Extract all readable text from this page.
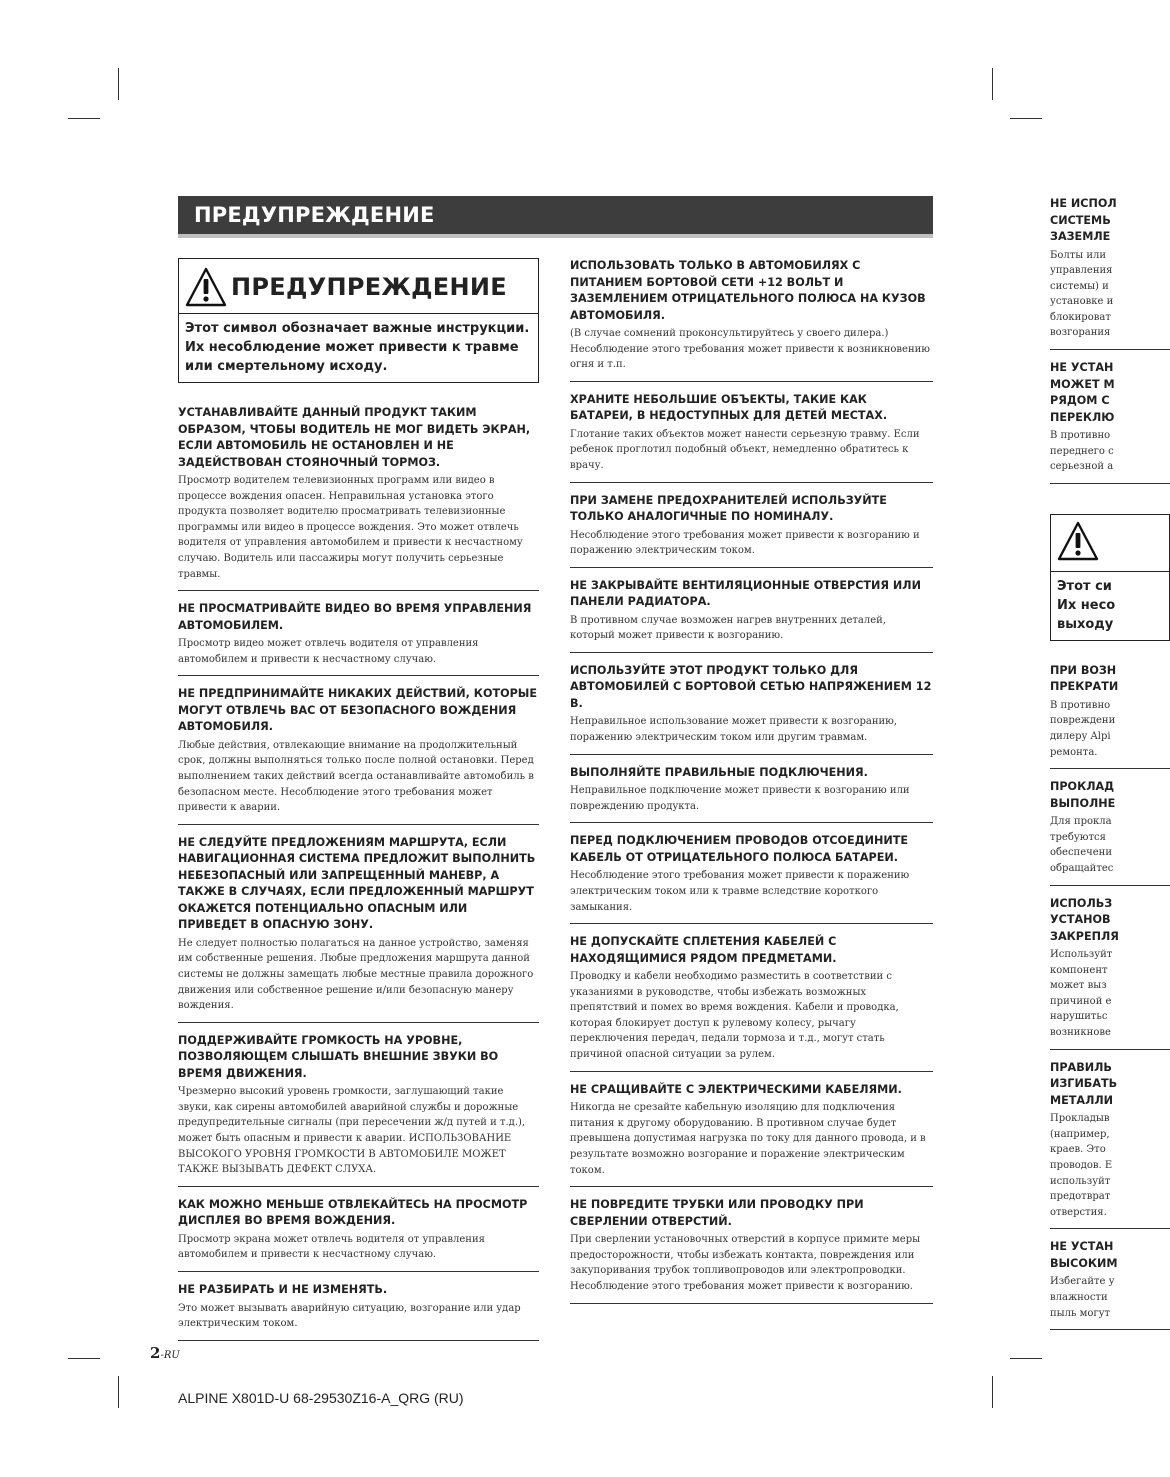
ПРЕДУПРЕЖДЕНИЕ
ПРЕДУПРЕЖДЕНИЕ
Этот символ обозначает важные инструкции. Их несоблюдение может привести к травме или смертельному исходу.
УСТАНАВЛИВАЙТЕ ДАННЫЙ ПРОДУКТ ТАКИМ ОБРАЗОМ, ЧТОБЫ ВОДИТЕЛЬ НЕ МОГ ВИДЕТЬ ЭКРАН, ЕСЛИ АВТОМОБИЛЬ НЕ ОСТАНОВЛЕН И НЕ ЗАДЕЙСТВОВАН СТОЯНОЧНЫЙ ТОРМОЗ.

Просмотр водителем телевизионных программ или видео в процессе вождения опасен. Неправильная установка этого продукта позволяет водителю просматривать телевизионные программы или видео в процессе вождения. Это может отвлечь водителя от управления автомобилем и привести к несчастному случаю. Водитель или пассажиры могут получить серьезные травмы.

НЕ ПРОСМАТРИВАЙТЕ ВИДЕО ВО ВРЕМЯ УПРАВЛЕНИЯ АВТОМОБИЛЕМ.

Просмотр видео может отвлечь водителя от управления автомобилем и привести к несчастному случаю.

НЕ ПРЕДПРИНИМАЙТЕ НИКАКИХ ДЕЙСТВИЙ, КОТОРЫЕ МОГУТ ОТВЛЕЧЬ ВАС ОТ БЕЗОПАСНОГО ВОЖДЕНИЯ АВТОМОБИЛЯ.

Любые действия, отвлекающие внимание на продолжительный срок, должны выполняться только после полной остановки. Перед выполнением таких действий всегда останавливайте автомобиль в безопасном месте. Несоблюдение этого требования может привести к аварии.

НЕ СЛЕДУЙТЕ ПРЕДЛОЖЕНИЯМ МАРШРУТА, ЕСЛИ НАВИГАЦИОННАЯ СИСТЕМА ПРЕДЛОЖИТ ВЫПОЛНИТЬ НЕБЕЗОПАСНЫЙ ИЛИ ЗАПРЕЩЕННЫЙ МАНЕВР, А ТАКЖЕ В СЛУЧАЯХ, ЕСЛИ ПРЕДЛОЖЕННЫЙ МАРШРУТ ОКАЖЕТСЯ ПОТЕНЦИАЛЬНО ОПАСНЫМ ИЛИ ПРИВЕДЕТ В ОПАСНУЮ ЗОНУ.

Не следует полностью полагаться на данное устройство, заменяя им собственные решения. Любые предложения маршрута данной системы не должны замещать любые местные правила дорожного движения или собственное решение и/или безопасную манеру вождения.

ПОДДЕРЖИВАЙТЕ ГРОМКОСТЬ НА УРОВНЕ, ПОЗВОЛЯЮЩЕМ СЛЫШАТЬ ВНЕШНИЕ ЗВУКИ ВО ВРЕМЯ ДВИЖЕНИЯ.

Чрезмерно высокий уровень громкости, заглушающий такие звуки, как сирены автомобилей аварийной службы и дорожные предупредительные сигналы (при пересечении ж/д путей и т.д.), может быть опасным и привести к аварии. ИСПОЛЬЗОВАНИЕ ВЫСОКОГО УРОВНЯ ГРОМКОСТИ В АВТОМОБИЛЕ МОЖЕТ ТАКЖЕ ВЫЗЫВАТЬ ДЕФЕКТ СЛУХА.

КАК МОЖНО МЕНЬШЕ ОТВЛЕКАЙТЕСЬ НА ПРОСМОТР ДИСПЛЕЯ ВО ВРЕМЯ ВОЖДЕНИЯ.

Просмотр экрана может отвлечь водителя от управления автомобилем и привести к несчастному случаю.

НЕ РАЗБИРАТЬ И НЕ ИЗМЕНЯТЬ.

Это может вызывать аварийную ситуацию, возгорание или удар электрическим током.

ИСПОЛЬЗОВАТЬ ТОЛЬКО В АВТОМОБИЛЯХ С ПИТАНИЕМ БОРТОВОЙ СЕТИ +12 ВОЛЬТ И ЗАЗЕМЛЕНИЕМ ОТРИЦАТЕЛЬНОГО ПОЛЮСА НА КУЗОВ АВТОМОБИЛЯ.

(В случае сомнений проконсультируйтесь у своего дилера.) Несоблюдение этого требования может привести к возникновению огня и т.п.

ХРАНИТЕ НЕБОЛЬШИЕ ОБЪЕКТЫ, ТАКИЕ КАК БАТАРЕИ, В НЕДОСТУПНЫХ ДЛЯ ДЕТЕЙ МЕСТАХ.

Глотание таких объектов может нанести серьезную травму. Если ребенок проглотил подобный объект, немедленно обратитесь к врачу.

ПРИ ЗАМЕНЕ ПРЕДОХРАНИТЕЛЕЙ ИСПОЛЬЗУЙТЕ ТОЛЬКО АНАЛОГИЧНЫЕ ПО НОМИНАЛУ.

Несоблюдение этого требования может привести к возгоранию и поражению электрическим током.

НЕ ЗАКРЫВАЙТЕ ВЕНТИЛЯЦИОННЫЕ ОТВЕРСТИЯ ИЛИ ПАНЕЛИ РАДИАТОРА.

В противном случае возможен нагрев внутренних деталей, который может привести к возгоранию.

ИСПОЛЬЗУЙТЕ ЭТОТ ПРОДУКТ ТОЛЬКО ДЛЯ АВТОМОБИЛЕЙ С БОРТОВОЙ СЕТЬЮ НАПРЯЖЕНИЕМ 12 В.

Неправильное использование может привести к возгоранию, поражению электрическим током или другим травмам.

ВЫПОЛНЯЙТЕ ПРАВИЛЬНЫЕ ПОДКЛЮЧЕНИЯ.

Неправильное подключение может привести к возгоранию или повреждению продукта.

ПЕРЕД ПОДКЛЮЧЕНИЕМ ПРОВОДОВ ОТСОЕДИНИТЕ КАБЕЛЬ ОТ ОТРИЦАТЕЛЬНОГО ПОЛЮСА БАТАРЕИ.

Несоблюдение этого требования может привести к поражению электрическим током или к травме вследствие короткого замыкания.

НЕ ДОПУСКАЙТЕ СПЛЕТЕНИЯ КАБЕЛЕЙ С НАХОДЯЩИМИСЯ РЯДОМ ПРЕДМЕТАМИ.

Проводку и кабели необходимо разместить в соответствии с указаниями в руководстве, чтобы избежать возможных препятствий и помех во время вождения. Кабели и проводка, которая блокирует доступ к рулевому колесу, рычагу переключения передач, педали тормоза и т.д., могут стать причиной опасной ситуации за рулем.

НЕ СРАЩИВАЙТЕ С ЭЛЕКТРИЧЕСКИМИ КАБЕЛЯМИ.

Никогда не срезайте кабельную изоляцию для подключения питания к другому оборудованию. В противном случае будет превышена допустимая нагрузка по току для данного провода, и в результате возможно возгорание и поражение электрическим током.

НЕ ПОВРЕДИТЕ ТРУБКИ ИЛИ ПРОВОДКУ ПРИ СВЕРЛЕНИИ ОТВЕРСТИЙ.

При сверлении установочных отверстий в корпусе примите меры предосторожности, чтобы избежать контакта, повреждения или закупоривания трубок топливопроводов или электропроводки. Несоблюдение этого требования может привести к возгоранию.

НЕ ИСПОЛ
СИСТЕМЬ
ЗАЗЕМЛЕ
Болты или
управления
системы) и
установке и
блокироват
возгорания
НЕ УСТАН
МОЖЕТ М
РЯДОМ С
ПЕРЕКЛЮ
В противно
переднего с
серьезной а
Этот си
Их несо
выходу
ПРИ ВОЗН
ПРЕКРАТИ
В противно
повреждени
дилеру Alpi
ремонта.
ПРОКЛАД
ВЫПОЛНЕ
Для прокла
требуются
обеспечени
обращайтес
ИСПОЛЬЗ
УСТАНОВ
ЗАКРЕПЛЯ
Используйт
компонент
может выз
причиной е
нарушитьс
возникнове
ПРАВИЛЬ
ИЗГИБАТЬ
МЕТАЛЛИ
Прокладыв
(например,
краев. Это
проводов. Е
используйт
предотврат
отверстия.
НЕ УСТАН
ВЫСОКИМ
Избегайте у
влажности
пыль могут
2-RU
ALPINE X801D-U 68-29530Z16-A_QRG (RU)
